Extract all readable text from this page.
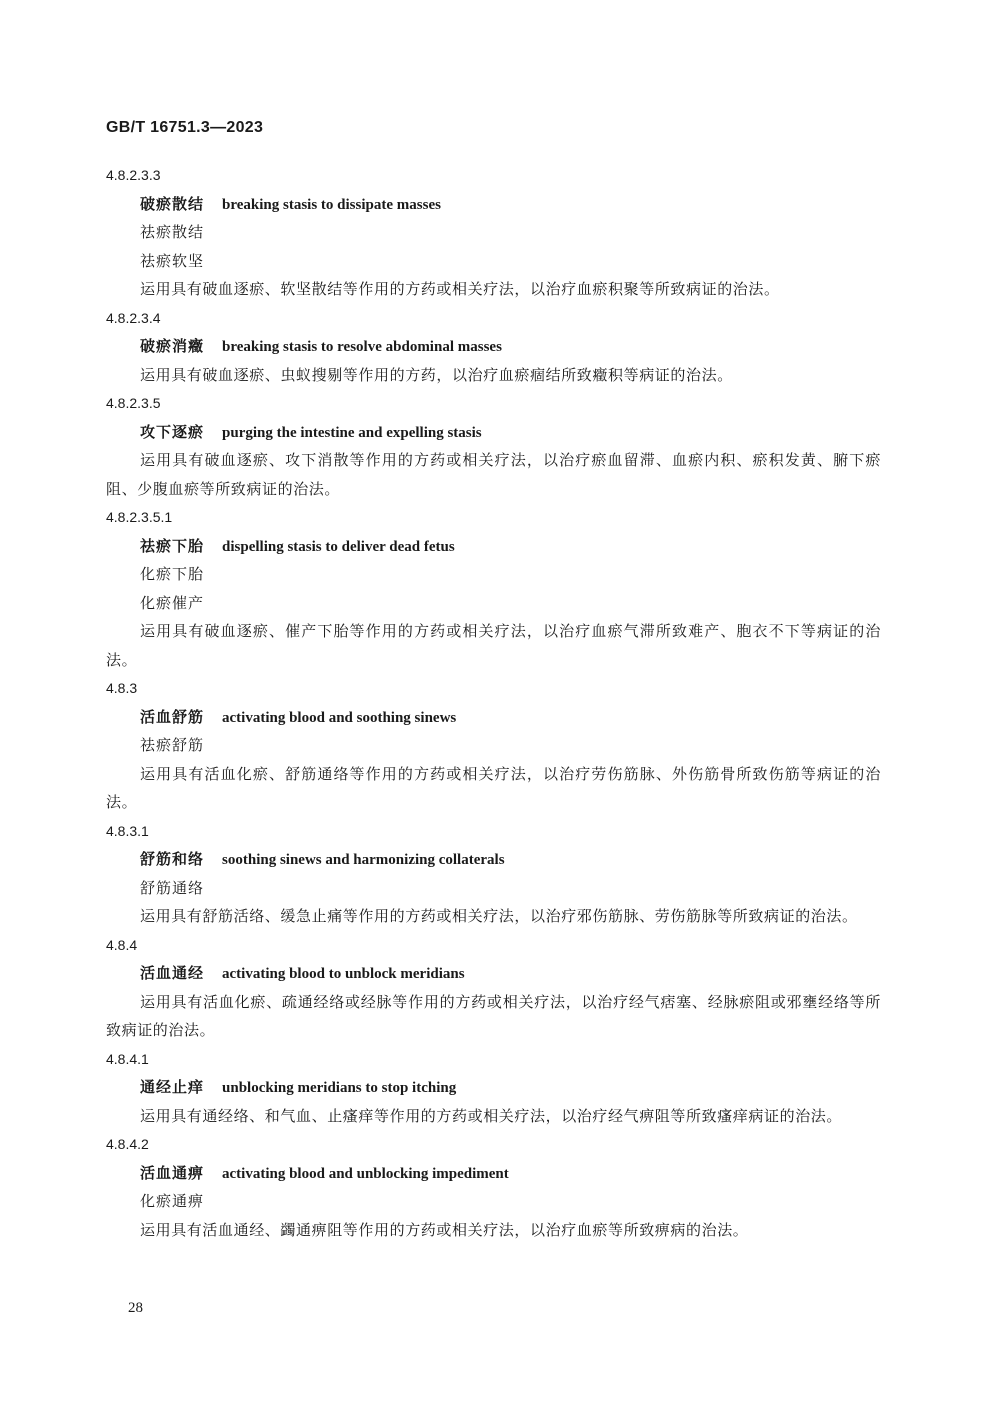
GB/T 16751.3—2023
4.8.2.3.3
破瘀散结 breaking stasis to dissipate masses
祛瘀散结
祛瘀软坚
运用具有破血逐瘀、软坚散结等作用的方药或相关疗法，以治疗血瘀积聚等所致病证的治法。
4.8.2.3.4
破瘀消癥 breaking stasis to resolve abdominal masses
运用具有破血逐瘀、虫蚁搜剔等作用的方药，以治疗血瘀痼结所致癥积等病证的治法。
4.8.2.3.5
攻下逐瘀 purging the intestine and expelling stasis
运用具有破血逐瘀、攻下消散等作用的方药或相关疗法，以治疗瘀血留滞、血瘀内积、瘀积发黄、腑下瘀阻、少腹血瘀等所致病证的治法。
4.8.2.3.5.1
祛瘀下胎 dispelling stasis to deliver dead fetus
化瘀下胎
化瘀催产
运用具有破血逐瘀、催产下胎等作用的方药或相关疗法，以治疗血瘀气滞所致难产、胞衣不下等病证的治法。
4.8.3
活血舒筋 activating blood and soothing sinews
祛瘀舒筋
运用具有活血化瘀、舒筋通络等作用的方药或相关疗法，以治疗劳伤筋脉、外伤筋骨所致伤筋等病证的治法。
4.8.3.1
舒筋和络 soothing sinews and harmonizing collaterals
舒筋通络
运用具有舒筋活络、缓急止痛等作用的方药或相关疗法，以治疗邪伤筋脉、劳伤筋脉等所致病证的治法。
4.8.4
活血通经 activating blood to unblock meridians
运用具有活血化瘀、疏通经络或经脉等作用的方药或相关疗法，以治疗经气痞塞、经脉瘀阻或邪壅经络等所致病证的治法。
4.8.4.1
通经止痒 unblocking meridians to stop itching
运用具有通经络、和气血、止瘙痒等作用的方药或相关疗法，以治疗经气痹阻等所致瘙痒病证的治法。
4.8.4.2
活血通痹 activating blood and unblocking impediment
化瘀通痹
运用具有活血通经、蠲通痹阻等作用的方药或相关疗法，以治疗血瘀等所致痹病的治法。
28
